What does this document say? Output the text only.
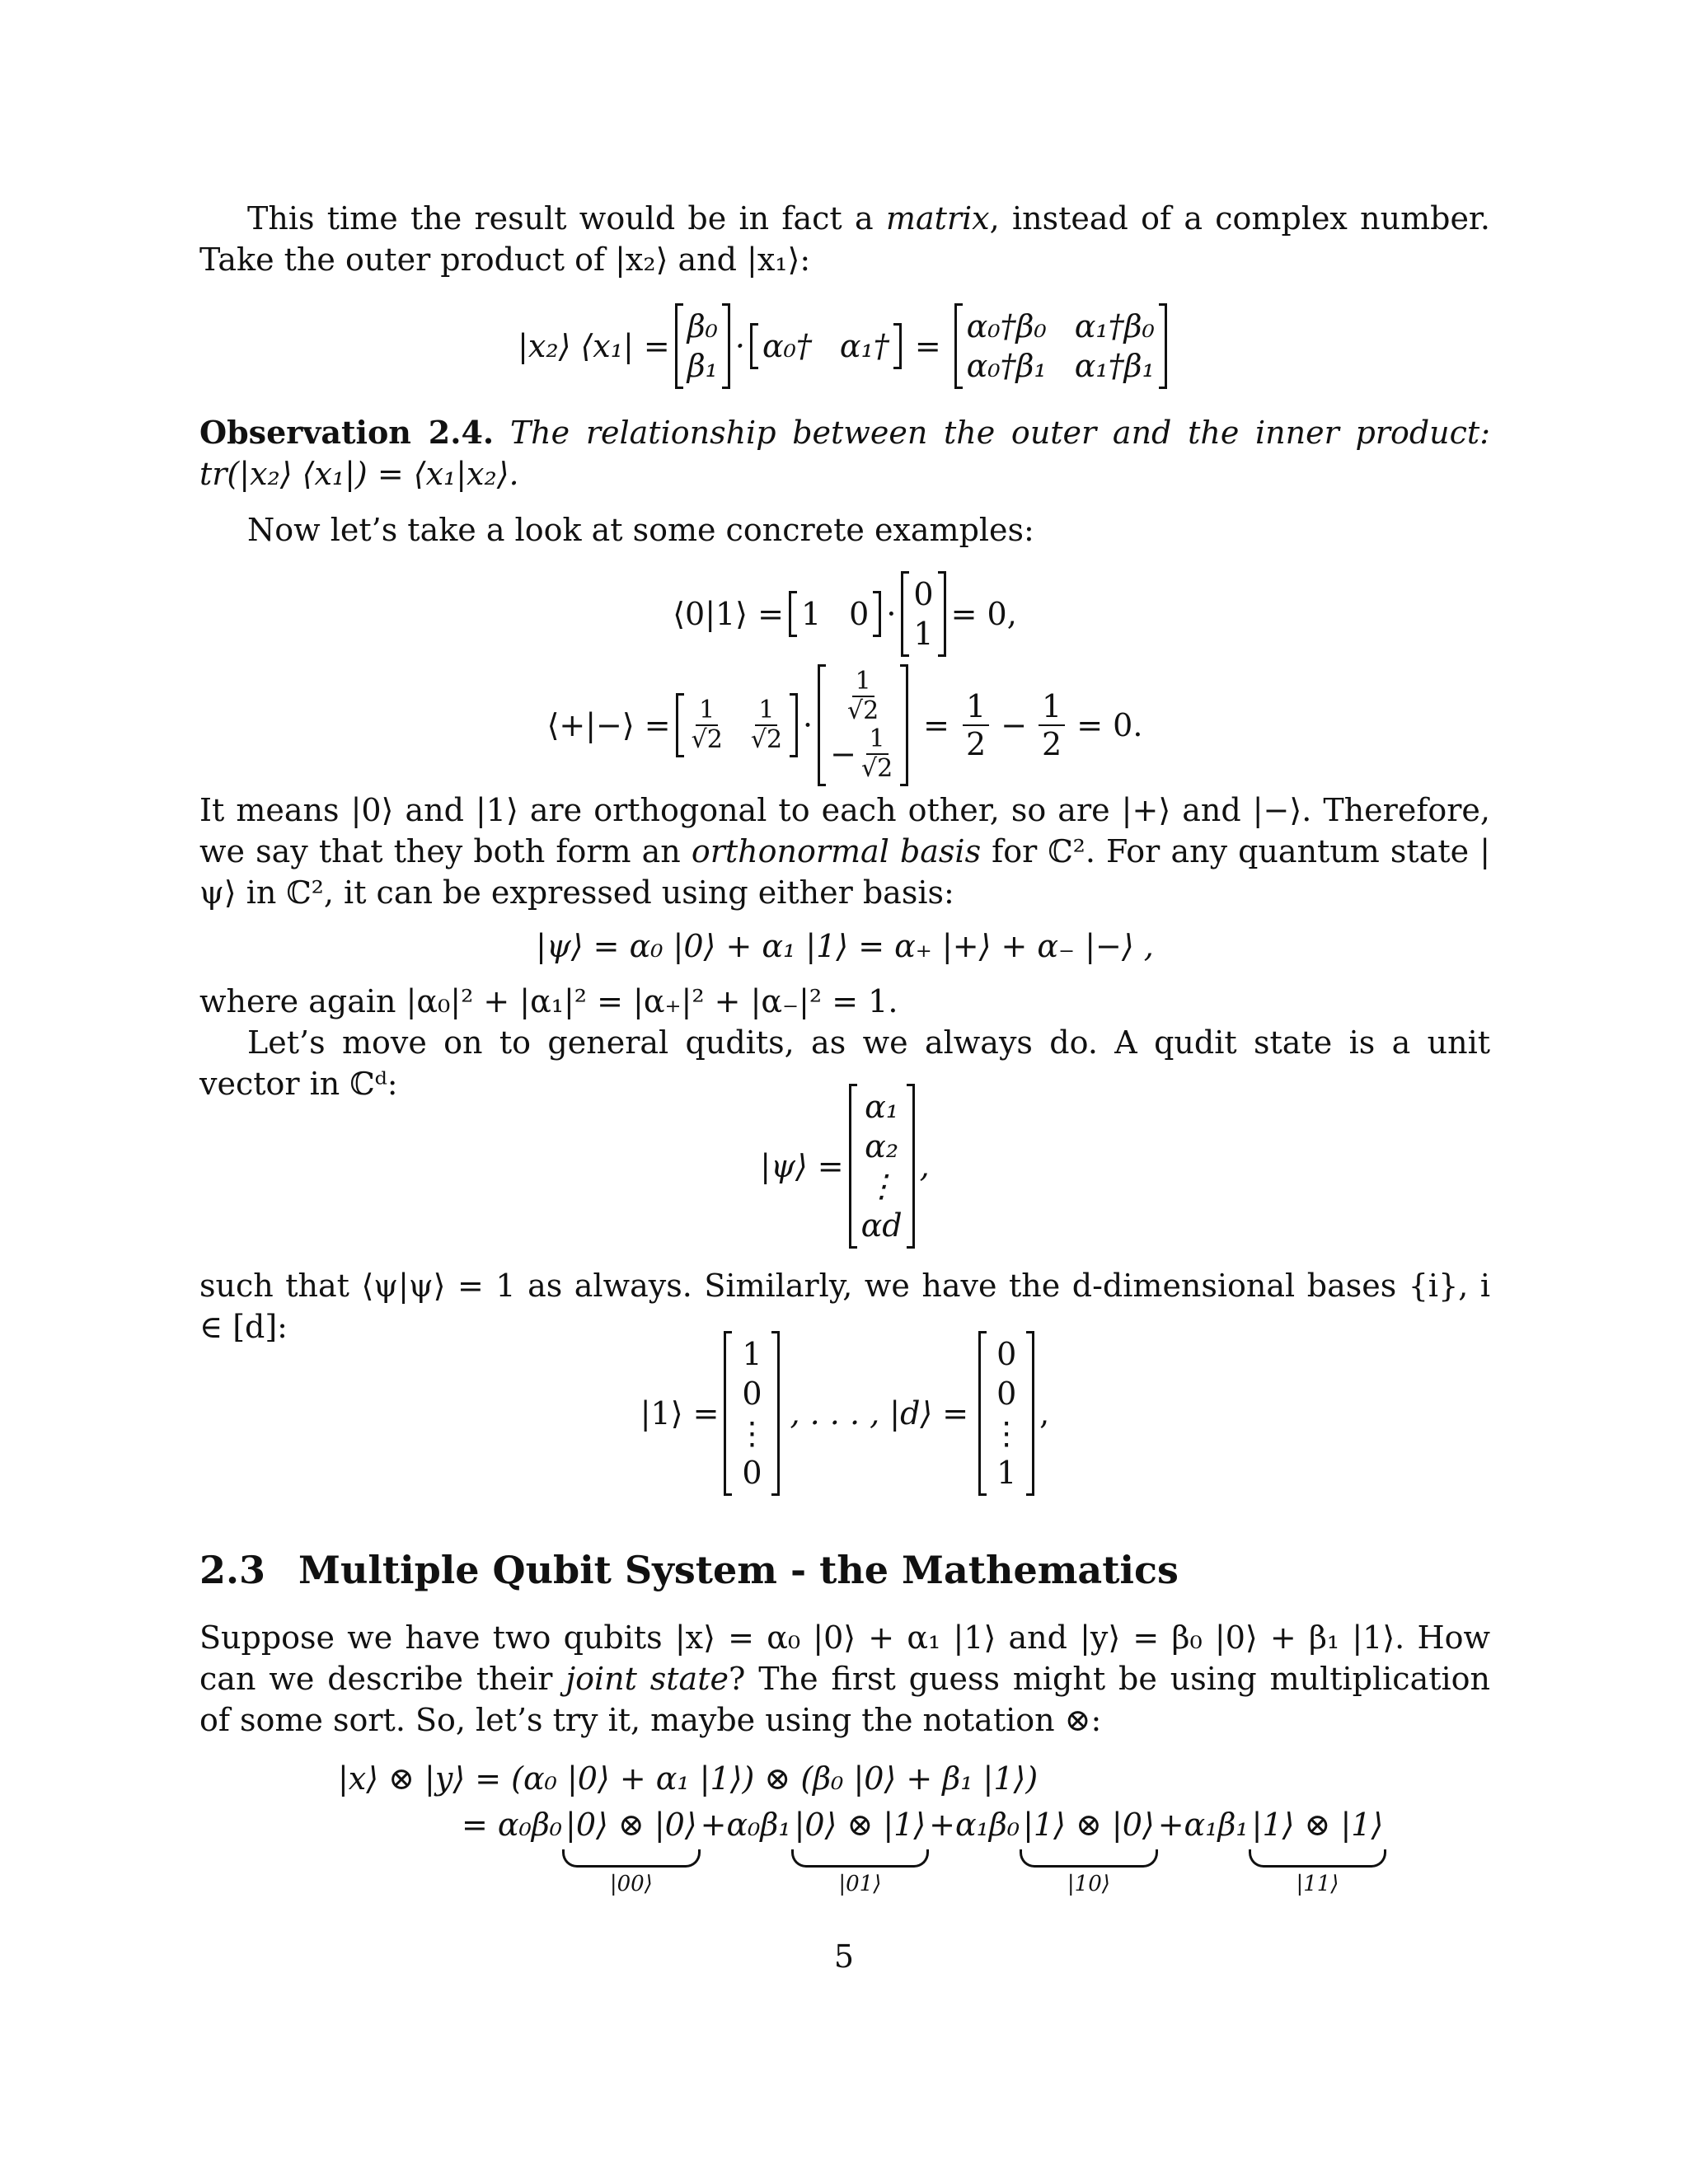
This time the result would be in fact a matrix, instead of a complex number. Take the outer product of |x₂⟩ and |x₁⟩:

|x₂⟩ ⟨x₁| =
β₀
β₁
· α₀† α₁† =
α₀†β₀ α₁†β₀
α₀†β₁ α₁†β₁

Observation 2.4. The relationship between the outer and the inner product: tr(|x₂⟩ ⟨x₁|) = ⟨x₁|x₂⟩.

Now let’s take a look at some concrete examples:

⟨0|1⟩ = 1 0 ·
0
1
= 0,
⟨+|−⟩ = $\frac{1}{√2} \frac{1}{√2} \cdot \frac{1}{√2}$
− $\frac{1}{√2} = \frac{1}{2} - \frac{1}{2} = 0$.

It means |0⟩ and |1⟩ are orthogonal to each other, so are |+⟩ and |−⟩. Therefore, we say that they both form an orthonormal basis for ℂ². For any quantum state |ψ⟩ in ℂ², it can be expressed using either basis:

|ψ⟩ = α₀ |0⟩ + α₁ |1⟩ = α₊ |+⟩ + α₋ |−⟩ ,

where again |α₀|² + |α₁|² = |α₊|² + |α₋|² = 1.

Let’s move on to general qudits, as we always do. A qudit state is a unit vector in ℂᵈ:

|ψ⟩ =
α₁
α₂
⋮
αd
,

such that ⟨ψ|ψ⟩ = 1 as always. Similarly, we have the d-dimensional bases {i}, i ∈ [d]:

|1⟩ =
1
0
⋮
0
, . . . , |d⟩ =
0
0
⋮
1
,
2.3 Multiple Qubit System - the Mathematics

Suppose we have two qubits |x⟩ = α₀ |0⟩ + α₁ |1⟩ and |y⟩ = β₀ |0⟩ + β₁ |1⟩. How can we describe their joint state? The first guess might be using multiplication of some sort. So, let’s try it, maybe using the notation ⊗:

|x⟩ ⊗ |y⟩ = (α₀ |0⟩ + α₁ |1⟩) ⊗ (β₀ |0⟩ + β₁ |1⟩)
= α₀β₀ |0⟩ ⊗ |0⟩
|00⟩
+α₀β₁ |0⟩ ⊗ |1⟩
|01⟩
+α₁β₀ |1⟩ ⊗ |0⟩
|10⟩
+α₁β₁ |1⟩ ⊗ |1⟩
|11⟩
5
